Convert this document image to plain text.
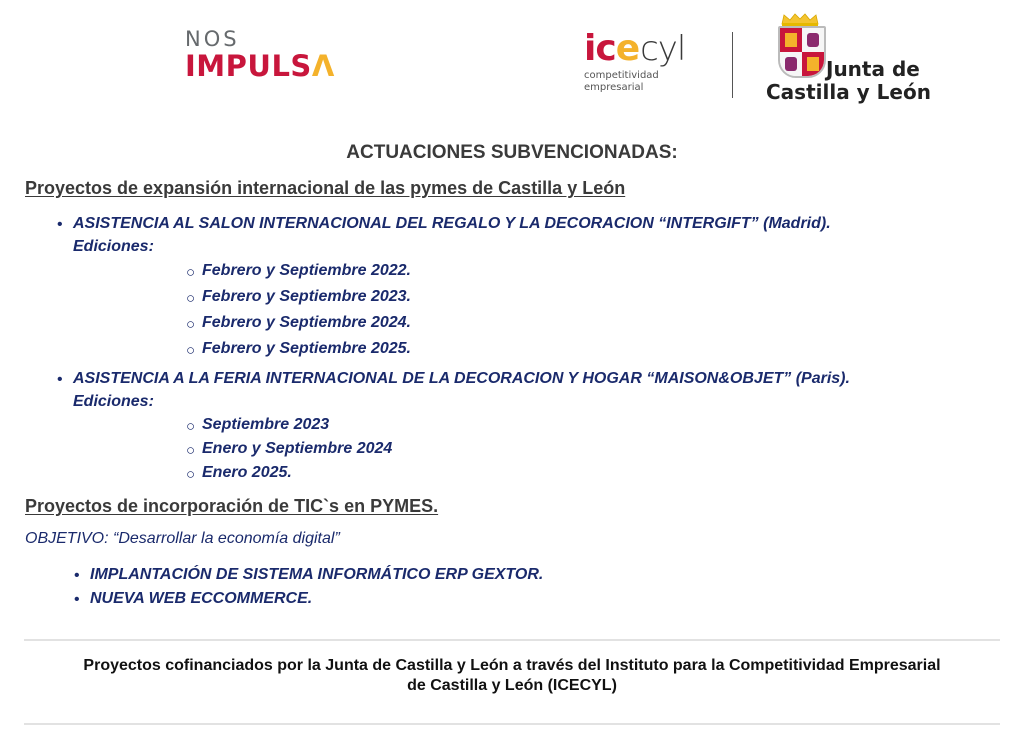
NOS
IMPULSΛ	icecyl
competitividad
empresarial
Junta de
Castilla y León
ACTUACIONES SUBVENCIONADAS:
Proyectos de expansión internacional de las pymes de Castilla y León
• ASISTENCIA AL SALON INTERNACIONAL DEL REGALO Y LA DECORACION “INTERGIFT” (Madrid).
Ediciones:
○ Febrero y Septiembre 2022.
○ Febrero y Septiembre 2023.
○ Febrero y Septiembre 2024.
○ Febrero y Septiembre 2025.
• ASISTENCIA A LA FERIA INTERNACIONAL DE LA DECORACION Y HOGAR “MAISON&OBJET” (Paris).
Ediciones:
○ Septiembre 2023
○ Enero y Septiembre 2024
○ Enero 2025.
Proyectos de incorporación de TIC`s en PYMES.
OBJETIVO: “Desarrollar la economía digital”
• IMPLANTACIÓN DE SISTEMA INFORMÁTICO ERP GEXTOR.
• NUEVA WEB ECCOMMERCE.
Proyectos cofinanciados por la Junta de Castilla y León a través del Instituto para la Competitividad Empresarial
de Castilla y León (ICECYL)
